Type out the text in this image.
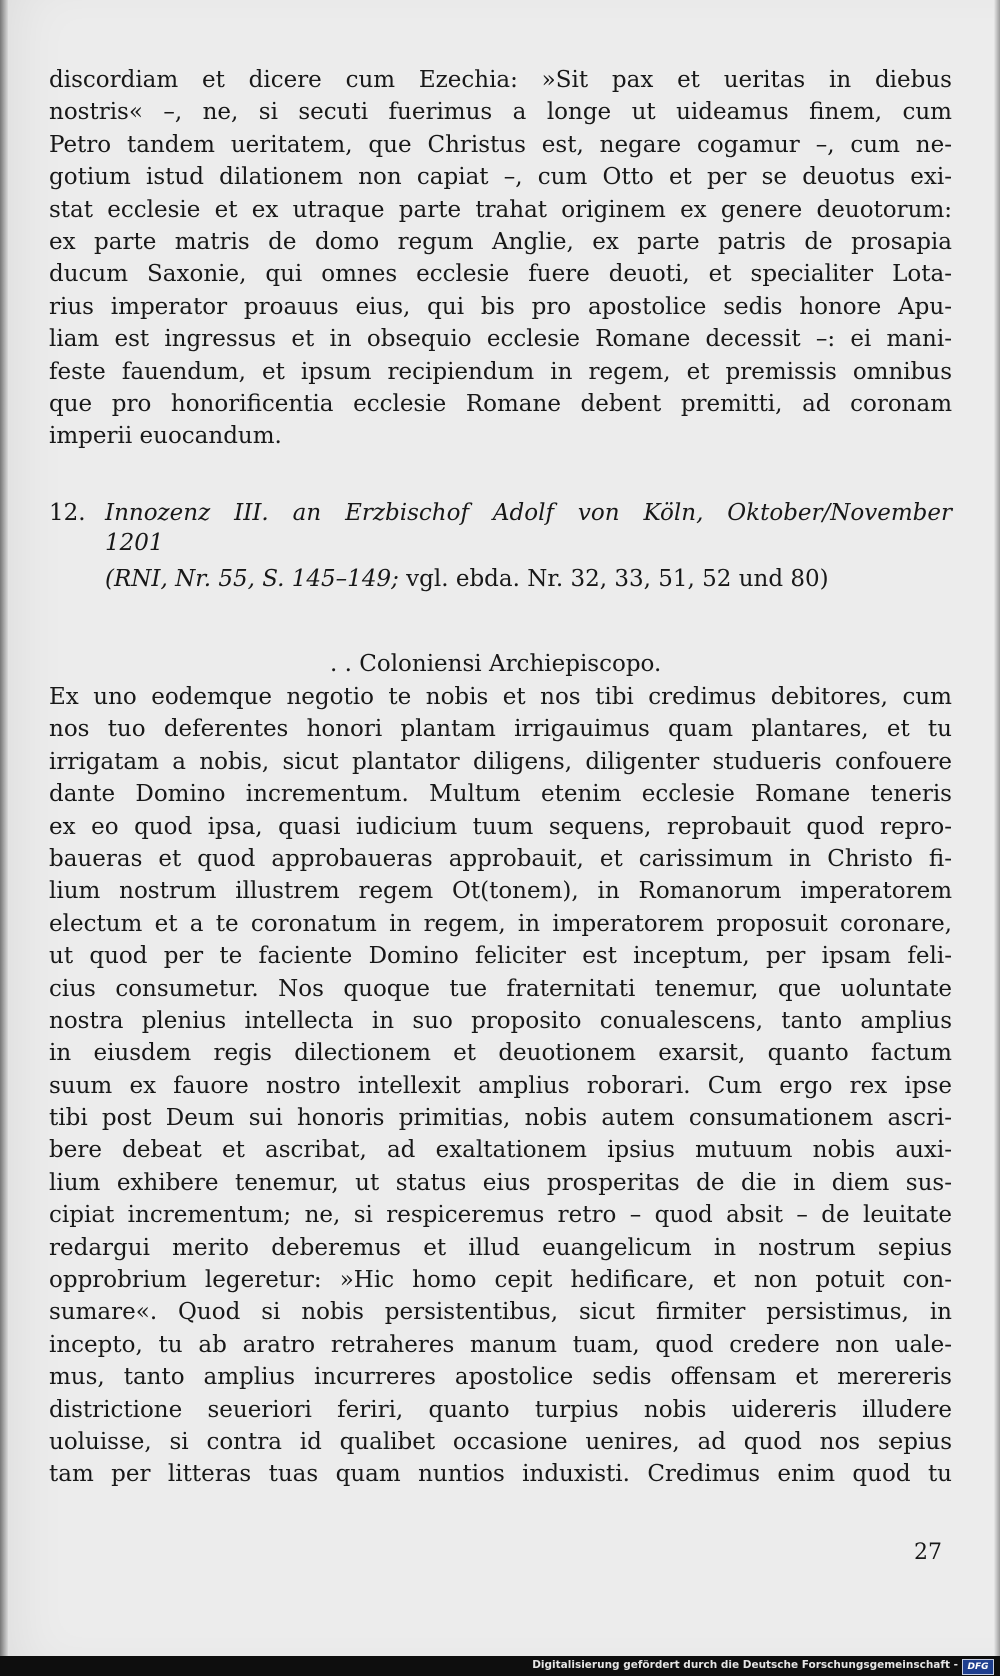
discordiam et dicere cum Ezechia: »Sit pax et ueritas in diebus
nostris« –, ne, si secuti fuerimus a longe ut uideamus finem, cum
Petro tandem ueritatem, que Christus est, negare cogamur –, cum ne-
gotium istud dilationem non capiat –, cum Otto et per se deuotus exi-
stat ecclesie et ex utraque parte trahat originem ex genere deuotorum:
ex parte matris de domo regum Anglie, ex parte patris de prosapia
ducum Saxonie, qui omnes ecclesie fuere deuoti, et specialiter Lota-
rius imperator proauus eius, qui bis pro apostolice sedis honore Apu-
liam est ingressus et in obsequio ecclesie Romane decessit –: ei mani-
feste fauendum, et ipsum recipiendum in regem, et premissis omnibus
que pro honorificentia ecclesie Romane debent premitti, ad coronam
imperii euocandum.
12. Innozenz III. an Erzbischof Adolf von Köln, Oktober/November
1201
(RNI, Nr. 55, S. 145–149; vgl. ebda. Nr. 32, 33, 51, 52 und 80)
. . Coloniensi Archiepiscopo.
Ex uno eodemque negotio te nobis et nos tibi credimus debitores, cum
nos tuo deferentes honori plantam irrigauimus quam plantares, et tu
irrigatam a nobis, sicut plantator diligens, diligenter studueris confouere
dante Domino incrementum. Multum etenim ecclesie Romane teneris
ex eo quod ipsa, quasi iudicium tuum sequens, reprobauit quod repro-
baueras et quod approbaueras approbauit, et carissimum in Christo fi-
lium nostrum illustrem regem Ot(tonem), in Romanorum imperatorem
electum et a te coronatum in regem, in imperatorem proposuit coronare,
ut quod per te faciente Domino feliciter est inceptum, per ipsam feli-
cius consumetur. Nos quoque tue fraternitati tenemur, que uoluntate
nostra plenius intellecta in suo proposito conualescens, tanto amplius
in eiusdem regis dilectionem et deuotionem exarsit, quanto factum
suum ex fauore nostro intellexit amplius roborari. Cum ergo rex ipse
tibi post Deum sui honoris primitias, nobis autem consumationem ascri-
bere debeat et ascribat, ad exaltationem ipsius mutuum nobis auxi-
lium exhibere tenemur, ut status eius prosperitas de die in diem sus-
cipiat incrementum; ne, si respiceremus retro – quod absit – de leuitate
redargui merito deberemus et illud euangelicum in nostrum sepius
opprobrium legeretur: »Hic homo cepit hedificare, et non potuit con-
sumare«. Quod si nobis persistentibus, sicut firmiter persistimus, in
incepto, tu ab aratro retraheres manum tuam, quod credere non uale-
mus, tanto amplius incurreres apostolice sedis offensam et merereris
districtione seueriori feriri, quanto turpius nobis uidereris illudere
uoluisse, si contra id qualibet occasione uenires, ad quod nos sepius
tam per litteras tuas quam nuntios induxisti. Credimus enim quod tu
27
Digitalisierung gefördert durch die Deutsche Forschungsgemeinschaft -	DFG
